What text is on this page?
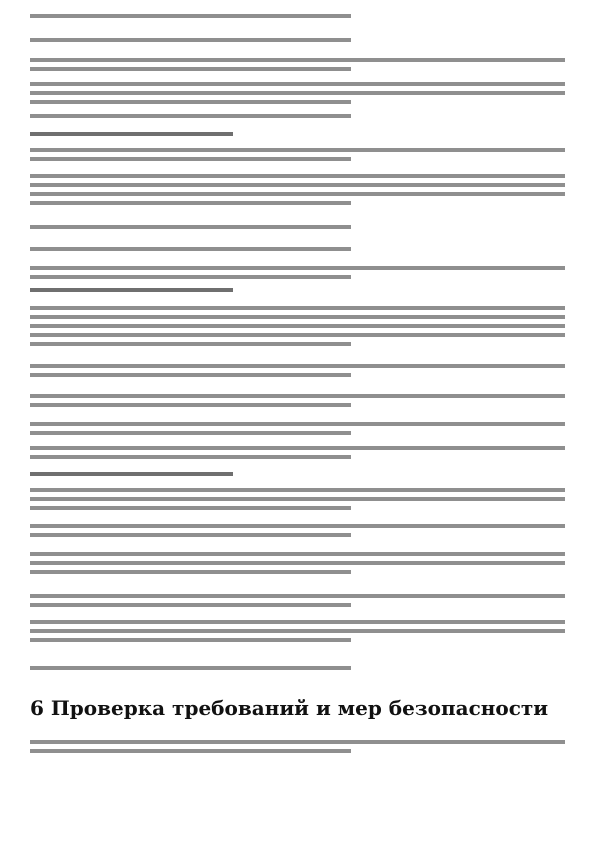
6 Проверка требований и мер безопасности
